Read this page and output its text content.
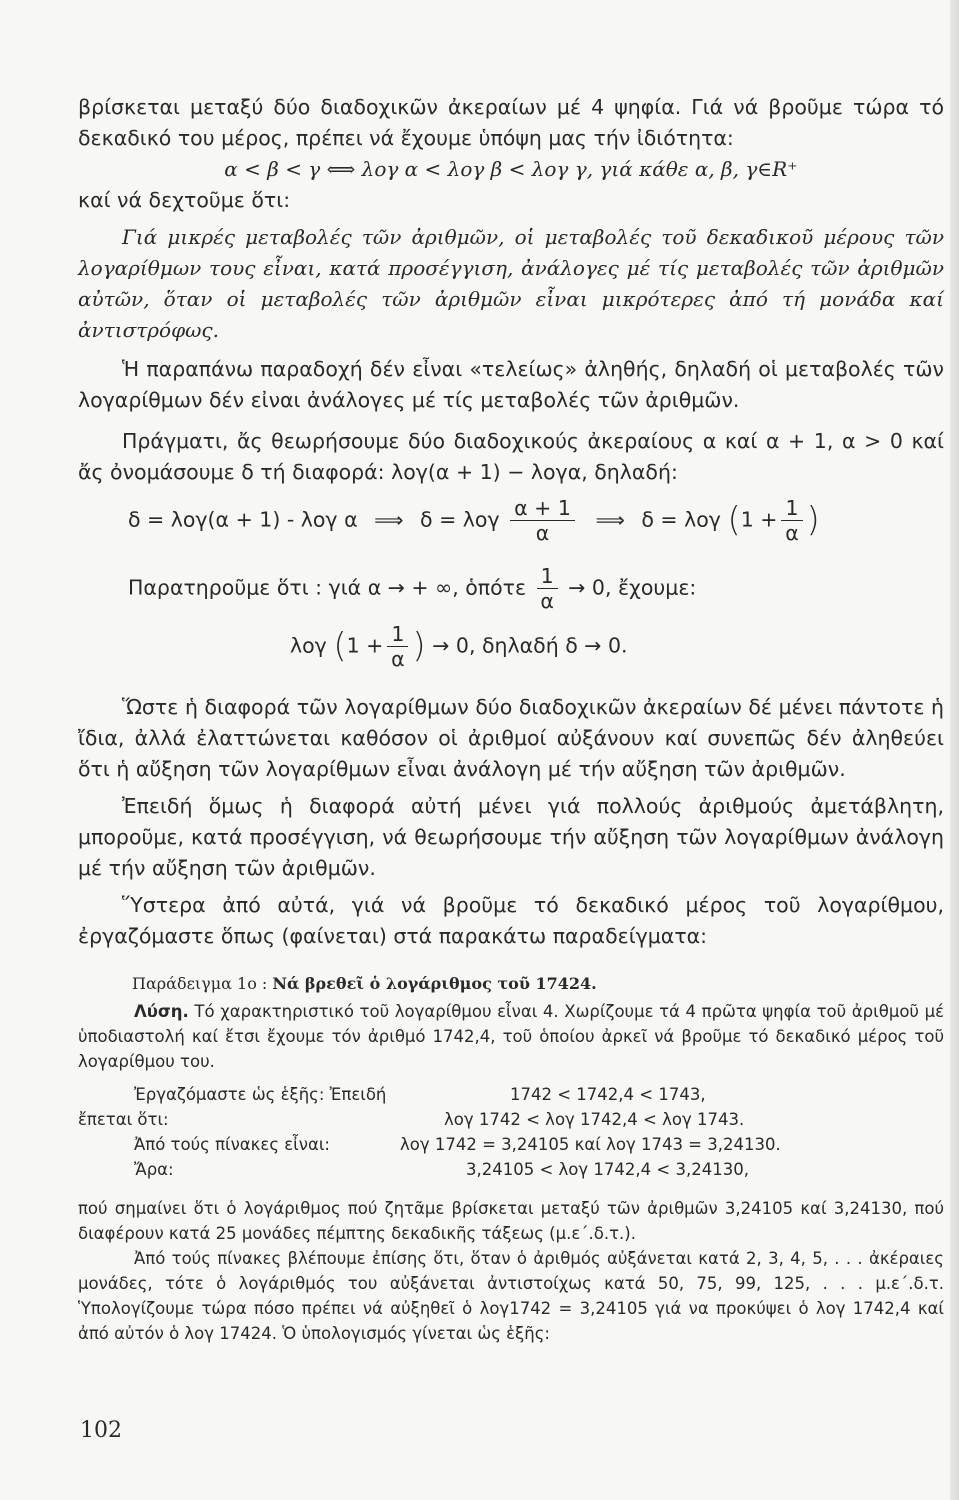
βρίσκεται μεταξύ δύο διαδοχικῶν ἀκεραίων μέ 4 ψηφία. Γιά νά βροῦμε τώρα τό δεκαδικό του μέρος, πρέπει νά ἔχουμε ὑπόψη μας τήν ἰδιότητα:

α < β < γ ⟺ λογ α < λογ β < λογ γ, γιά κάθε α, β, γ∈R⁺

καί νά δεχτοῦμε ὅτι:

Γιά μικρές μεταβολές τῶν ἀριθμῶν, οἱ μεταβολές τοῦ δεκαδικοῦ μέρους τῶν λογαρίθμων τους εἶναι, κατά προσέγγιση, ἀνάλογες μέ τίς μεταβολές τῶν ἀριθμῶν αὐτῶν, ὅταν οἱ μεταβολές τῶν ἀριθμῶν εἶναι μικρότερες ἀπό τή μονάδα καί ἀντιστρόφως.

Ἡ παραπάνω παραδοχή δέν εἶναι «τελείως» ἀληθής, δηλαδή οἱ μεταβολές τῶν λογαρίθμων δέν εἰναι ἀνάλογες μέ τίς μεταβολές τῶν ἀριθμῶν.

Πράγματι, ἄς θεωρήσουμε δύο διαδοχικούς ἀκεραίους α καί α + 1, α > 0 καί ἄς ὀνομάσουμε δ τή διαφορά: λογ(α + 1) − λογα, δηλαδή:

δ = λογ(α + 1) - λογ α ⟹ δ = λογ $\frac{\alpha + 1}{\alpha}$ ⟹ δ = λογ ($1 + \frac{1}{\alpha}$ )
Παρατηροῦμε ὅτι : γιά α → + ∞, ὁπότε $\frac{1}{\alpha} \to 0$, ἔχουμε:
λογ ($1 + \frac{1}{\alpha}$ ) → 0, δηλαδή δ → 0.

Ὥστε ἡ διαφορά τῶν λογαρίθμων δύο διαδοχικῶν ἀκεραίων δέ μένει πάντοτε ἡ ἴδια, ἀλλά ἐλαττώνεται καθόσον οἱ ἀριθμοί αὐξάνουν καί συνεπῶς δέν ἀληθεύει ὅτι ἡ αὔξηση τῶν λογαρίθμων εἶναι ἀνάλογη μέ τήν αὔξηση τῶν ἀριθμῶν.

Ἐπειδή ὅμως ἡ διαφορά αὐτή μένει γιά πολλούς ἀριθμούς ἀμετάβλητη, μποροῦμε, κατά προσέγγιση, νά θεωρήσουμε τήν αὔξηση τῶν λογαρίθμων ἀνάλογη μέ τήν αὔξηση τῶν ἀριθμῶν.

Ὕστερα ἀπό αὐτά, γιά νά βροῦμε τό δεκαδικό μέρος τοῦ λογαρίθμου, ἐργαζόμαστε ὅπως (φαίνεται) στά παρακάτω παραδείγματα:

Παράδειγμα 1ο : Νά βρεθεῖ ὁ λογάριθμος τοῦ 17424.

Λύση. Τό χαρακτηριστικό τοῦ λογαρίθμου εἶναι 4. Χωρίζουμε τά 4 πρῶτα ψηφία τοῦ ἀριθμοῦ μέ ὑποδιαστολή καί ἔτσι ἔχουμε τόν ἀριθμό 1742,4, τοῦ ὁποίου ἀρκεῖ νά βροῦμε τό δεκαδικό μέρος τοῦ λογαρίθμου του.

Ἐργαζόμαστε ὡς ἑξῆς: Ἐπειδή	1742 < 1742,4 < 1743,
ἔπεται ὅτι:	λογ 1742 < λογ 1742,4 < λογ 1743.
Ἀπό τούς πίνακες εἶναι:	λογ 1742 = 3,24105 καί λογ 1743 = 3,24130.
Ἄρα:	3,24105 < λογ 1742,4 < 3,24130,

πού σημαίνει ὅτι ὁ λογάριθμος πού ζητᾶμε βρίσκεται μεταξύ τῶν ἀριθμῶν 3,24105 καί 3,24130, πού διαφέρουν κατά 25 μονάδες πέμπτης δεκαδικῆς τάξεως (μ.ε΄.δ.τ.).

Ἀπό τούς πίνακες βλέπουμε ἐπίσης ὅτι, ὅταν ὁ ἀριθμός αὐξάνεται κατά 2, 3, 4, 5, . . . ἀκέραιες μονάδες, τότε ὁ λογάριθμός του αὐξάνεται ἀντιστοίχως κατά 50, 75, 99, 125, . . . μ.ε΄.δ.τ. Ὑπολογίζουμε τώρα πόσο πρέπει νά αὐξηθεῖ ὁ λογ1742 = 3,24105 γιά να προκύψει ὁ λογ 1742,4 καί ἀπό αὐτόν ὁ λογ 17424. Ὁ ὑπολογισμός γίνεται ὡς ἑξῆς:

102
